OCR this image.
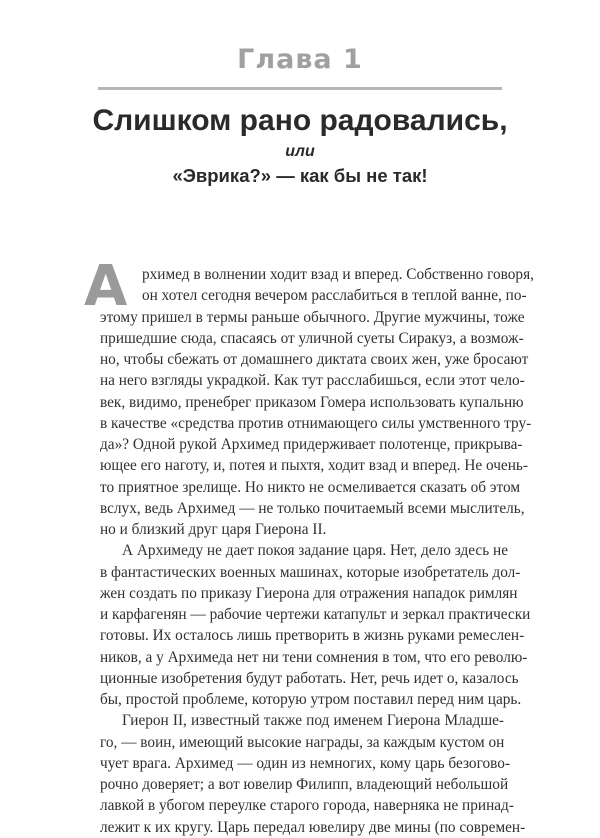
Глава 1
Слишком рано радовались,
или
«Эврика?» — как бы не так!
А рхимед в волнении ходит взад и вперед. Собственно говоря,
он хотел сегодня вечером расслабиться в теплой ванне, по-
этому пришел в термы раньше обычного. Другие мужчины, тоже
пришедшие сюда, спасаясь от уличной суеты Сиракуз, а возмож-
но, чтобы сбежать от домашнего диктата своих жен, уже бросают
на него взгляды украдкой. Как тут расслабишься, если этот чело-
век, видимо, пренебрег приказом Гомера использовать купальню
в качестве «средства против отнимающего силы умственного тру-
да»? Одной рукой Архимед придерживает полотенце, прикрыва-
ющее его наготу, и, потея и пыхтя, ходит взад и вперед. Не очень-
то приятное зрелище. Но никто не осмеливается сказать об этом
вслух, ведь Архимед — не только почитаемый всеми мыслитель,
но и близкий друг царя Гиерона II.
А Архимеду не дает покоя задание царя. Нет, дело здесь не
в фантастических военных машинах, которые изобретатель дол-
жен создать по приказу Гиерона для отражения нападок римлян
и карфагенян — рабочие чертежи катапульт и зеркал практически
готовы. Их осталось лишь претворить в жизнь руками ремеслен-
ников, а у Архимеда нет ни тени сомнения в том, что его револю-
ционные изобретения будут работать. Нет, речь идет о, казалось
бы, простой проблеме, которую утром поставил перед ним царь.
Гиерон II, известный также под именем Гиерона Младше-
го, — воин, имеющий высокие награды, за каждым кустом он
чует врага. Архимед — один из немногих, кому царь безогово-
рочно доверяет; а вот ювелир Филипп, владеющий небольшой
лавкой в убогом переулке старого города, наверняка не принад-
лежит к их кругу. Царь передал ювелиру две мины (по современ-
